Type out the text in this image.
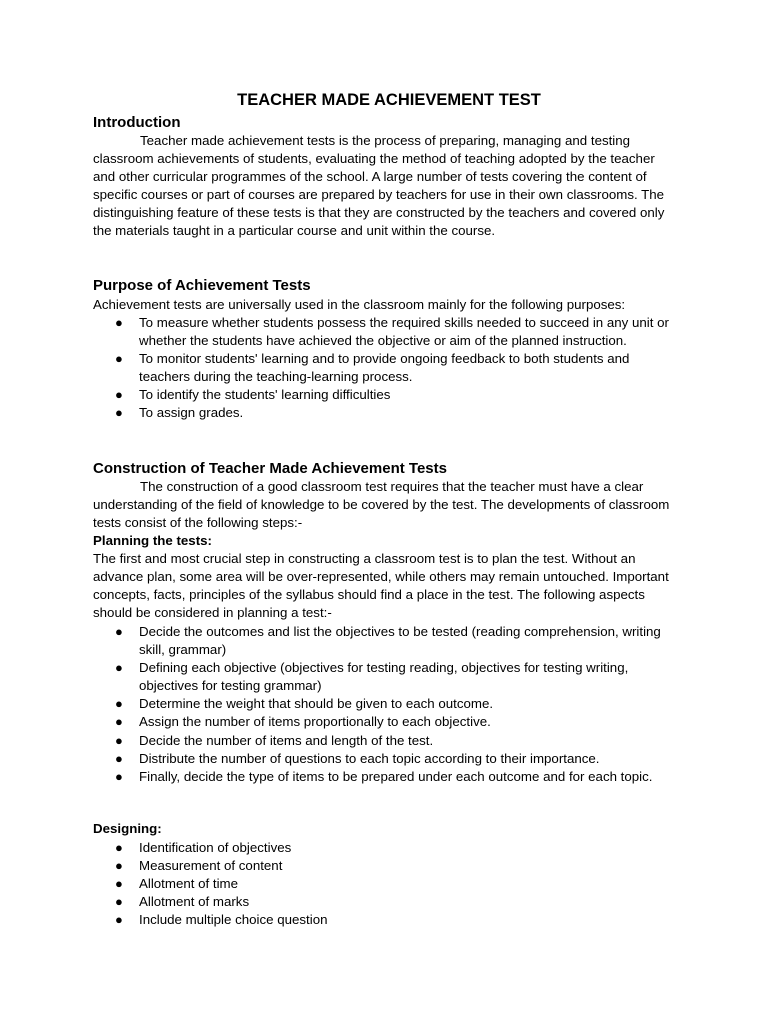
TEACHER MADE ACHIEVEMENT TEST
Introduction
Teacher made achievement tests is the process of preparing, managing and testing classroom achievements of students, evaluating the method of teaching adopted by the teacher and other curricular programmes of the school. A large number of tests covering the content of specific courses or part of courses are prepared by teachers for use in their own classrooms. The distinguishing feature of these tests is that they are constructed by the teachers and covered only the materials taught in a particular course and unit within the course.
Purpose of Achievement Tests
Achievement tests are universally used in the classroom mainly for the following purposes:
● To measure whether students possess the required skills needed to succeed in any unit or whether the students have achieved the objective or aim of the planned instruction.
● To monitor students' learning and to provide ongoing feedback to both students and teachers during the teaching-learning process.
● To identify the students' learning difficulties
● To assign grades.
Construction of Teacher Made Achievement Tests
The construction of a good classroom test requires that the teacher must have a clear understanding of the field of knowledge to be covered by the test. The developments of classroom tests consist of the following steps:-
Planning the tests:
The first and most crucial step in constructing a classroom test is to plan the test. Without an advance plan, some area will be over-represented, while others may remain untouched. Important concepts, facts, principles of the syllabus should find a place in the test. The following aspects should be considered in planning a test:-
● Decide the outcomes and list the objectives to be tested (reading comprehension, writing skill, grammar)
● Defining each objective (objectives for testing reading, objectives for testing writing, objectives for testing grammar)
● Determine the weight that should be given to each outcome.
● Assign the number of items proportionally to each objective.
● Decide the number of items and length of the test.
● Distribute the number of questions to each topic according to their importance.
● Finally, decide the type of items to be prepared under each outcome and for each topic.
Designing:
● Identification of objectives
● Measurement of content
● Allotment of time
● Allotment of marks
● Include multiple choice question
